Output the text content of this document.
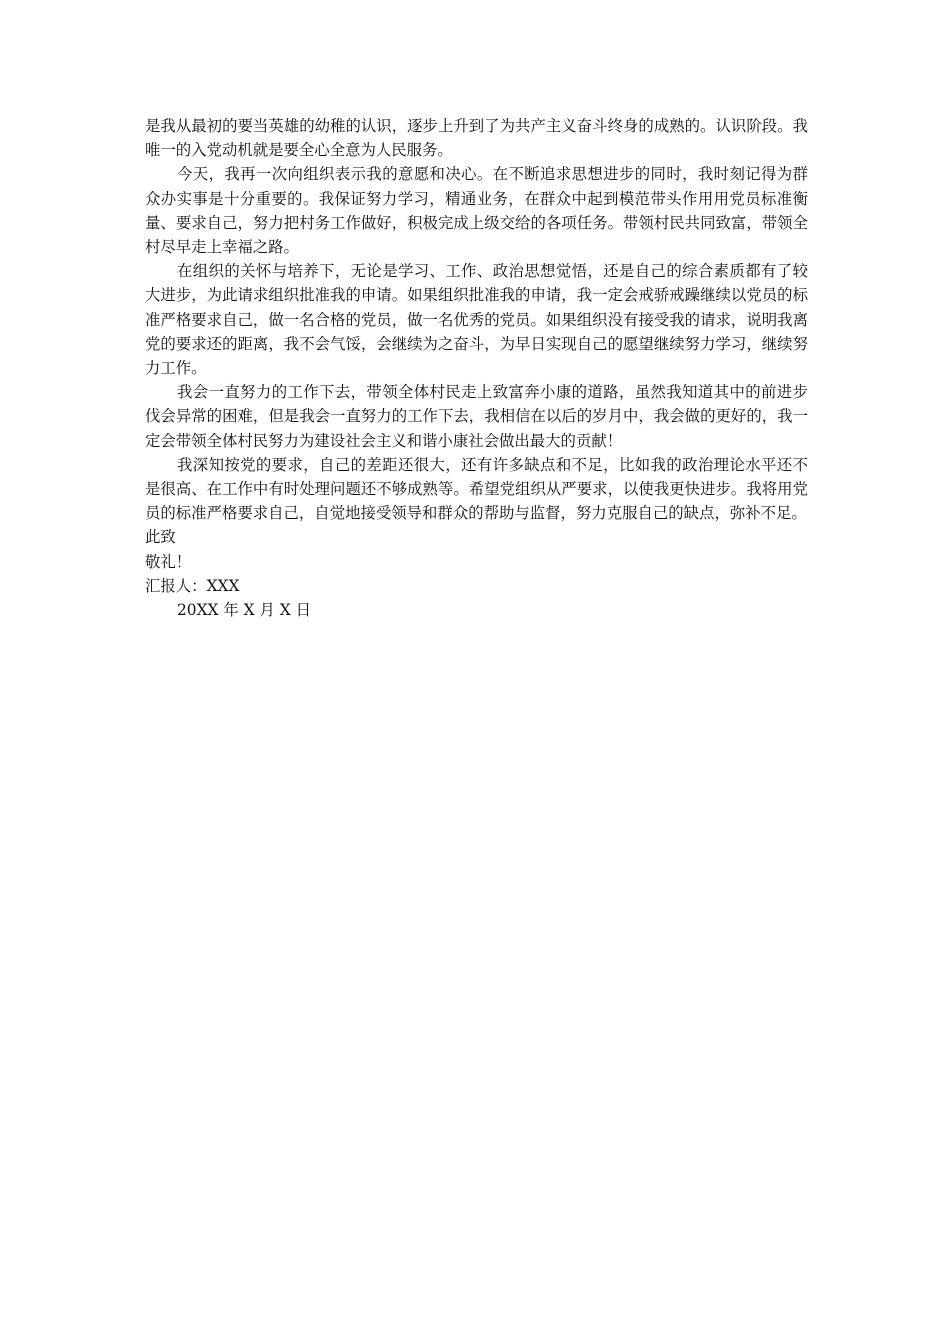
是我从最初的要当英雄的幼稚的认识，逐步上升到了为共产主义奋斗终身的成熟的。认识阶段。我唯一的入党动机就是要全心全意为人民服务。

今天，我再一次向组织表示我的意愿和决心。在不断追求思想进步的同时，我时刻记得为群众办实事是十分重要的。我保证努力学习，精通业务，在群众中起到模范带头作用用党员标准衡量、要求自己，努力把村务工作做好，积极完成上级交给的各项任务。带领村民共同致富，带领全村尽早走上幸福之路。

在组织的关怀与培养下，无论是学习、工作、政治思想觉悟，还是自己的综合素质都有了较大进步，为此请求组织批准我的申请。如果组织批准我的申请，我一定会戒骄戒躁继续以党员的标准严格要求自己，做一名合格的党员，做一名优秀的党员。如果组织没有接受我的请求，说明我离党的要求还的距离，我不会气馁，会继续为之奋斗，为早日实现自己的愿望继续努力学习，继续努力工作。

我会一直努力的工作下去，带领全体村民走上致富奔小康的道路，虽然我知道其中的前进步伐会异常的困难，但是我会一直努力的工作下去，我相信在以后的岁月中，我会做的更好的，我一定会带领全体村民努力为建设社会主义和谐小康社会做出最大的贡献！

我深知按党的要求，自己的差距还很大，还有许多缺点和不足，比如我的政治理论水平还不是很高、在工作中有时处理问题还不够成熟等。希望党组织从严要求，以使我更快进步。我将用党员的标准严格要求自己，自觉地接受领导和群众的帮助与监督，努力克服自己的缺点，弥补不足。

此致

敬礼！

汇报人：XXX

20XX 年 X 月 X 日
